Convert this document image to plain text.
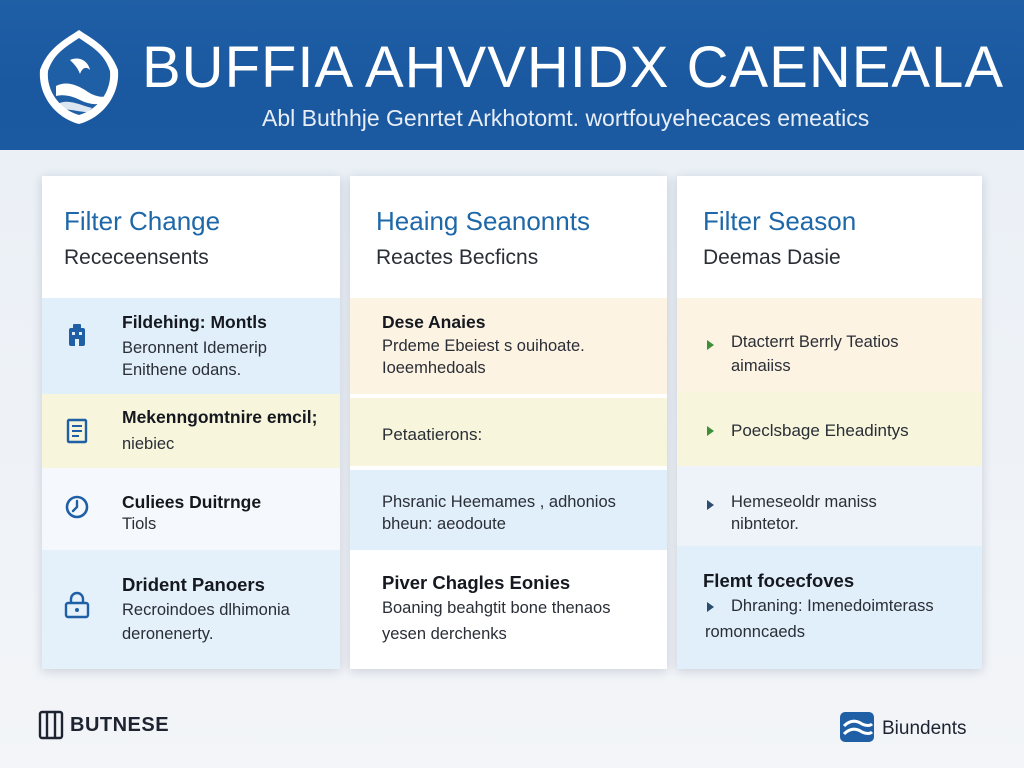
BUFFIA AHVVHIDX CAENEALA
Abl Buthhje Genrtet Arkhotomt. wortfouyehecaces emeatics
Filter Change
Receceensents
Fildehing: Montls
Beronnent Idemerip
Enithene odans.
Mekenngomtnire emcil;
niebiec
Culiees Duitrnge
Tiols
Drident Panoers
Recroindoes dlhimonia
deronenerty.
Heaing Seanonnts
Reactes Becficns
Dese Anaies
Prdeme Ebeiest s ouihoate.
Ioeemhedoals
Petaatierons:
Phsranic Heemames , adhonios
bheun: aeodoute
Piver Chagles Eonies
Boaning beahgtit bone thenaos
yesen derchenks
Filter Season
Deemas Dasie
Dtacterrt Berrly Teatios
aimaiiss
Poeclsbage Eheadintys
Hemeseoldr maniss
nibntetor.
Flemt focecfoves
Dhraning: Imenedoimterass
romonncaeds
BUTNESE	Biundents
